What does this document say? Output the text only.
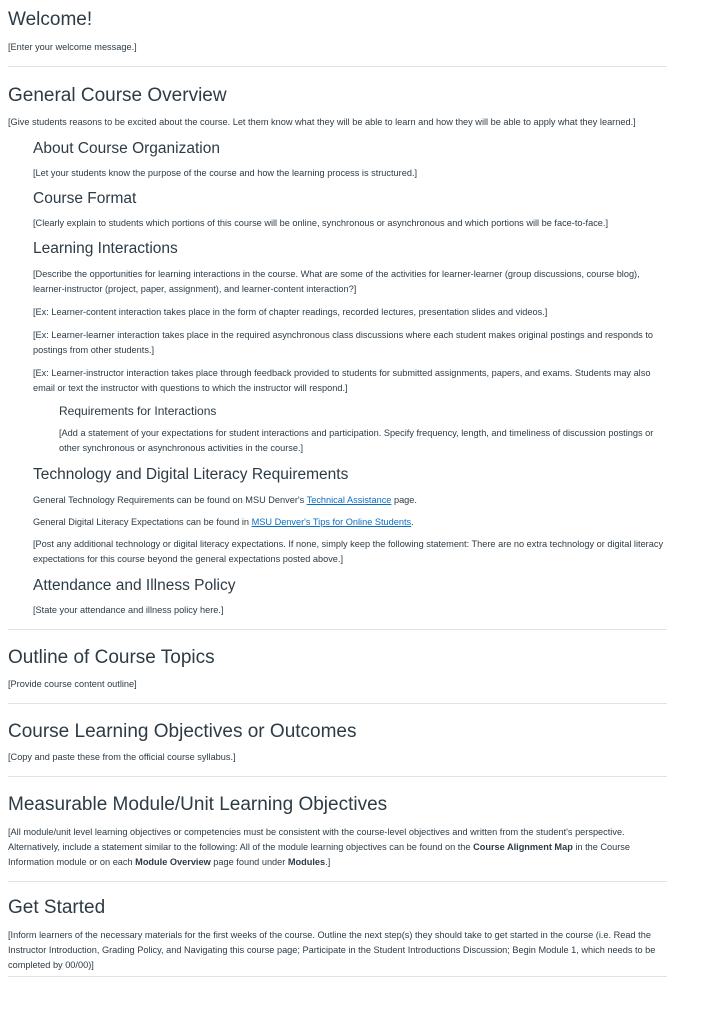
Welcome!

[Enter your welcome message.]

General Course Overview

[Give students reasons to be excited about the course. Let them know what they will be able to learn and how they will be able to apply what they learned.]

About Course Organization

[Let your students know the purpose of the course and how the learning process is structured.]

Course Format

[Clearly explain to students which portions of this course will be online, synchronous or asynchronous and which portions will be face-to-face.]

Learning Interactions

[Describe the opportunities for learning interactions in the course. What are some of the activities for learner-learner (group discussions, course blog), learner-instructor (project, paper, assignment), and learner-content interaction?]

[Ex: Learner-content interaction takes place in the form of chapter readings, recorded lectures, presentation slides and videos.]

[Ex: Learner-learner interaction takes place in the required asynchronous class discussions where each student makes original postings and responds to postings from other students.]

[Ex: Learner-instructor interaction takes place through feedback provided to students for submitted assignments, papers, and exams. Students may also email or text the instructor with questions to which the instructor will respond.]

Requirements for Interactions

[Add a statement of your expectations for student interactions and participation. Specify frequency, length, and timeliness of discussion postings or other synchronous or asynchronous activities in the course.]

Technology and Digital Literacy Requirements

General Technology Requirements can be found on MSU Denver's Technical Assistance page.

General Digital Literacy Expectations can be found in MSU Denver's Tips for Online Students.

[Post any additional technology or digital literacy expectations. If none, simply keep the following statement: There are no extra technology or digital literacy expectations for this course beyond the general expectations posted above.]

Attendance and Illness Policy

[State your attendance and illness policy here.]

Outline of Course Topics

[Provide course content outline]

Course Learning Objectives or Outcomes

[Copy and paste these from the official course syllabus.]

Measurable Module/Unit Learning Objectives

[All module/unit level learning objectives or competencies must be consistent with the course-level objectives and written from the student's perspective. Alternatively, include a statement similar to the following: All of the module learning objectives can be found on the Course Alignment Map in the Course Information module or on each Module Overview page found under Modules.]

Get Started

[Inform learners of the necessary materials for the first weeks of the course. Outline the next step(s) they should take to get started in the course (i.e. Read the Instructor Introduction, Grading Policy, and Navigating this course page; Participate in the Student Introductions Discussion; Begin Module 1, which needs to be completed by 00/00)]
